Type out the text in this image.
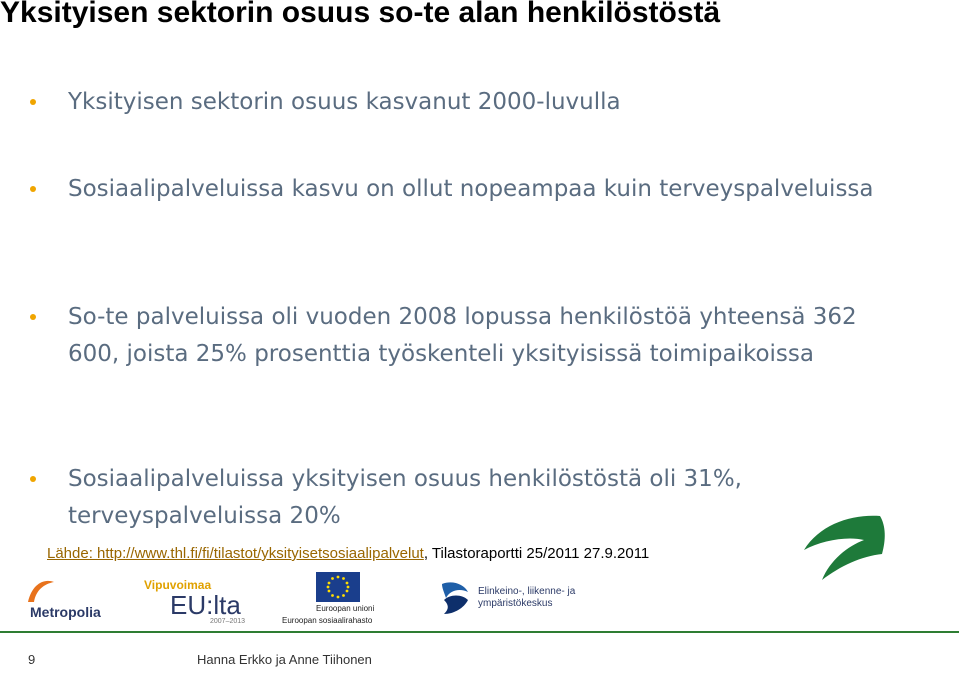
Yksityisen sektorin osuus so-te alan henkilöstöstä
Yksityisen sektorin osuus kasvanut 2000-luvulla
Sosiaalipalveluissa kasvu on ollut nopeampaa kuin terveyspalveluissa
So-te palveluissa oli vuoden 2008 lopussa henkilöstöä yhteensä 362 600, joista 25% prosenttia työskenteli yksityisissä toimipaikoissa
Sosiaalipalveluissa yksityisen osuus henkilöstöstä oli 31%, terveyspalveluissa 20%
Lähde: http://www.thl.fi/fi/tilastot/yksityisetsosiaalipalvelut, Tilastoraportti 25/2011 27.9.2011
Metropolia
Vipuvoimaa
EU:lta
2007–2013
Euroopan unioni
Euroopan sosiaalirahasto
Elinkeino-, liikenne- ja
ympäristökeskus
9	Hanna Erkko ja Anne Tiihonen
